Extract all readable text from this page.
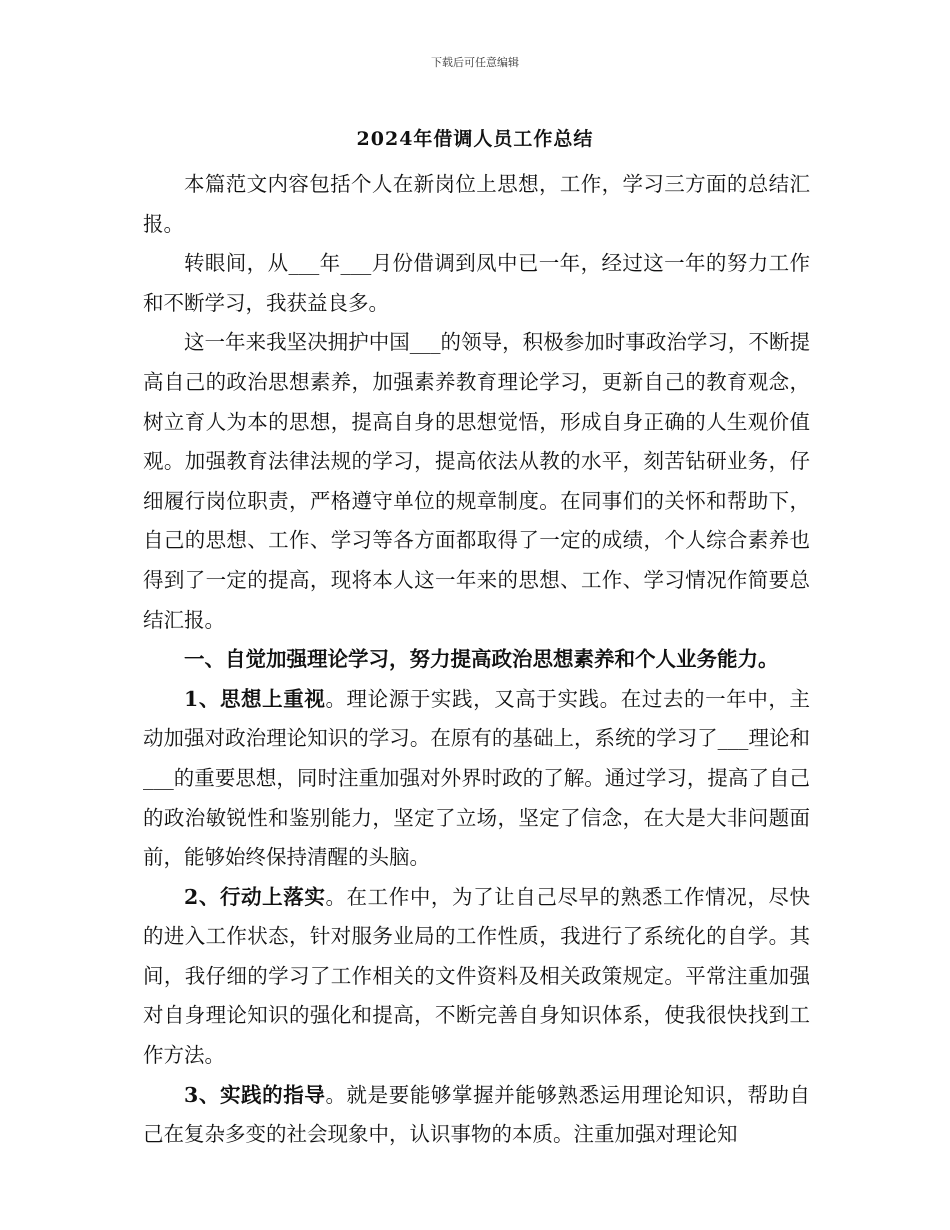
下载后可任意编辑
2024年借调人员工作总结

本篇范文内容包括个人在新岗位上思想，工作，学习三方面的总结汇报。

转眼间，从___年___月份借调到凤中已一年，经过这一年的努力工作和不断学习，我获益良多。

这一年来我坚决拥护中国___的领导，积极参加时事政治学习，不断提高自己的政治思想素养，加强素养教育理论学习，更新自己的教育观念，树立育人为本的思想，提高自身的思想觉悟，形成自身正确的人生观价值观。加强教育法律法规的学习，提高依法从教的水平，刻苦钻研业务，仔细履行岗位职责，严格遵守单位的规章制度。在同事们的关怀和帮助下，自己的思想、工作、学习等各方面都取得了一定的成绩，个人综合素养也得到了一定的提高，现将本人这一年来的思想、工作、学习情况作简要总结汇报。

一、自觉加强理论学习，努力提高政治思想素养和个人业务能力。

1、思想上重视。理论源于实践，又高于实践。在过去的一年中，主动加强对政治理论知识的学习。在原有的基础上，系统的学习了___理论和___的重要思想，同时注重加强对外界时政的了解。通过学习，提高了自己的政治敏锐性和鉴别能力，坚定了立场，坚定了信念，在大是大非问题面前，能够始终保持清醒的头脑。

2、行动上落实。在工作中，为了让自己尽早的熟悉工作情况，尽快的进入工作状态，针对服务业局的工作性质，我进行了系统化的自学。其间，我仔细的学习了工作相关的文件资料及相关政策规定。平常注重加强对自身理论知识的强化和提高，不断完善自身知识体系，使我很快找到工作方法。

3、实践的指导。就是要能够掌握并能够熟悉运用理论知识，帮助自己在复杂多变的社会现象中，认识事物的本质。注重加强对理论知
